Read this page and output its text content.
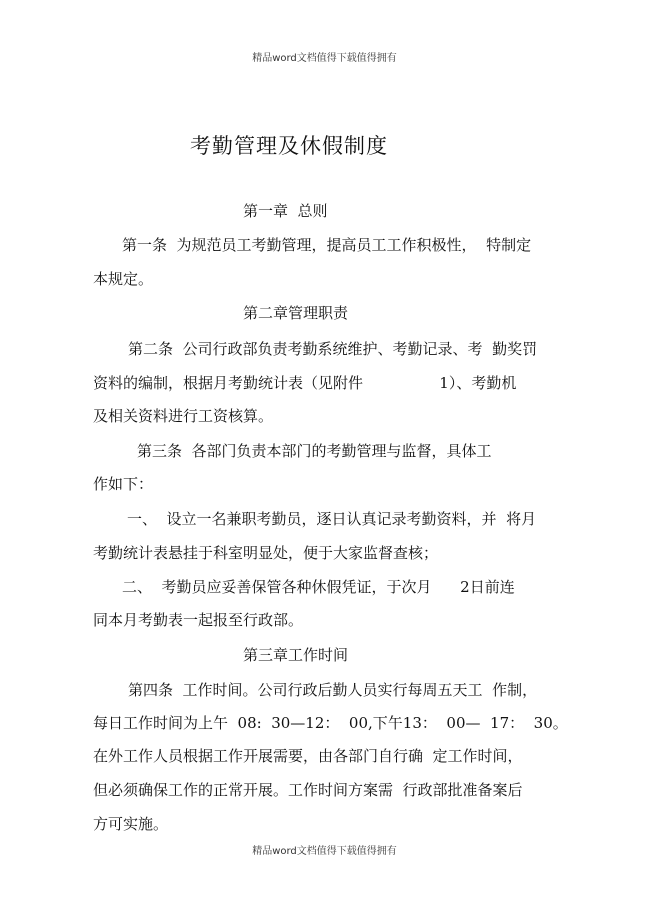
精品word文档值得下载值得拥有
考勤管理及休假制度
第一章  总则
第一条  为规范员工考勤管理，提高员工工作积极性，  特制定
本规定。
第二章管理职责
第二条  公司行政部负责考勤系统维护、考勤记录、考  勤奖罚
资料的编制，根据月考勤统计表（见附件                1）、考勤机
及相关资料进行工资核算。
第三条  各部门负责本部门的考勤管理与监督，具体工
作如下：
一、  设立一名兼职考勤员，逐日认真记录考勤资料，并  将月
考勤统计表悬挂于科室明显处，便于大家监督查核；
二、  考勤员应妥善保管各种休假凭证，于次月      2日前连
同本月考勤表一起报至行政部。
第三章工作时间
第四条  工作时间。公司行政后勤人员实行每周五天工  作制，
每日工作时间为上午  08:  30—12：  00,下午13：  00—  17：  30。
在外工作人员根据工作开展需要，由各部门自行确  定工作时间，
但必须确保工作的正常开展。工作时间方案需  行政部批准备案后
方可实施。
精品word文档值得下载值得拥有
